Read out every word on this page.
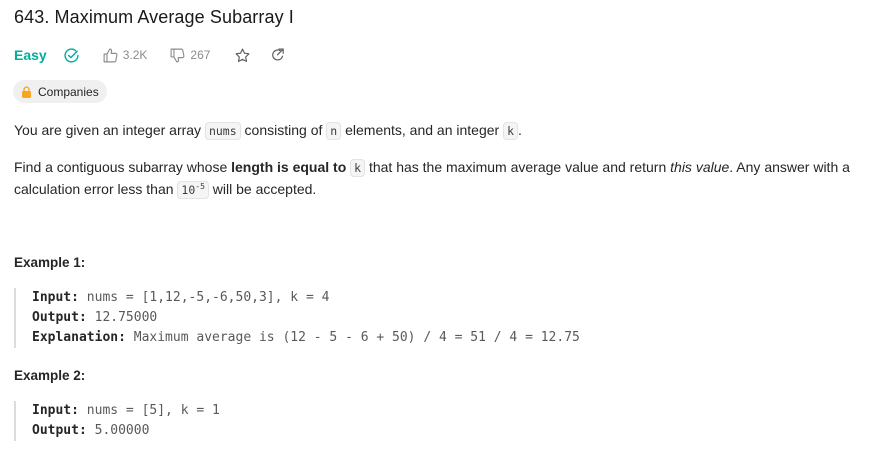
643. Maximum Average Subarray I
Easy	3.2K	267
Companies
You are given an integer array nums consisting of n elements, and an integer k .
Find a contiguous subarray whose length is equal to k that has the maximum average value and return this value. Any answer with a calculation error less than $10^{-5}$ will be accepted.
Example 1:
Input: nums = [1,12,-5,-6,50,3], k = 4
Output: 12.75000
Explanation: Maximum average is (12 - 5 - 6 + 50) / 4 = 51 / 4 = 12.75
Example 2:
Input: nums = [5], k = 1
Output: 5.00000
